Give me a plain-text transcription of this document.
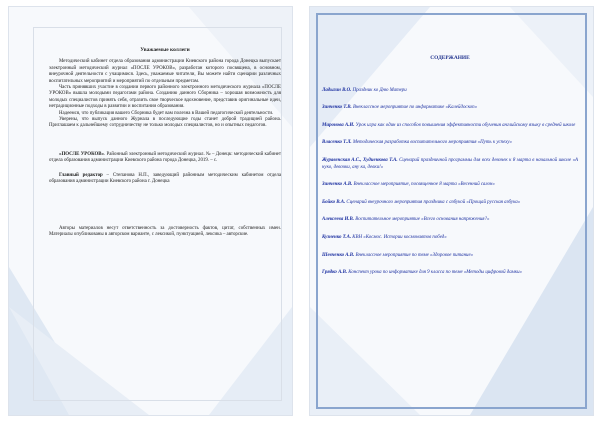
Уважаемые коллеги

Методический кабинет отдела образования администрации Киевского района города Донецка выпускает электронный методический журнал «ПОСЛЕ УРОКОВ», разработан которого посвящена, в основном, внеурочной деятельности с учащимися. Здесь, уважаемые читатели, Вы можете найти сценарии различных воспитательных мероприятий и мероприятий по отдельным предметам.

Часть принявших участие в создании первого районного электронного методического журнала «ПОСЛЕ УРОКОВ» вышла молодыми педагогами района. Созданию данного Сборника – хорошая возможность для молодых специалистов принять себя, отразить свое творческое вдохновение, представив оригинальные идеи, нетрадиционные подходы в развитии и воспитании образования.

Надеемся, что публикация вашего Сборника будет вам полезна в Вашей педагогической деятельности.

Уверены, что выпуск данного Журнала в последующие годы станет доброй традицией района. Приглашаем к дальнейшему сотрудничеству не только молодых специалистов, но и опытных педагогов.

«ПОСЛЕ УРОКОВ». Районный электронный методический журнал. № – Донецк: методический кабинет отдела образования администрации Киевского района города Донецка, 2019. – с.

Главный редактор – Степанова Н.П., заведующий районным методическим кабинетом отдела образования администрации Киевского района г. Донецка

Авторы материалов несут ответственность за достоверность фактов, цитат, собственных имен. Материалы опубликованы в авторском варианте, с лексикой, пунктуацией, лексика – авторские.

СОДЕРЖАНИЕ
Ладыгин В.О. Праздник ко Дню Матери
Зинченко Т.В. Внеклассное мероприятие по информатике «Калейдоскоп»
Миронова А.И. Урок игра как один из способов повышения эффективности обучения английскому языку в средней школе
Власенко Т.Л. Методическая разработка воспитательного мероприятия «Путь к успеху»
Журавенская А.С., Худиенкова Т.А. Сценарий праздничной программы для всех девочек к 8 марта в начальной школе «А нуко, девочки, ану ка, девки!»
Зинченко А.В. Внеклассное мероприятие, посвященное 8 марта «Весенний салон»
Бойко В.А. Сценарий внеурочного мероприятия праздника с азбукой «Прощай русская азбука»
Алексеева И.В. Воспитательное мероприятие «Всего основания напряжения?»
Кузненко Т.А. КВН «Космос. Истории космонавтов побед»
Шевченко А.В. Внеклассное мероприятие по теме «Здоровое питание»
Грядко А.В. Конспект урока по информатике для 9 класса по теме «Методы цифровой дамки»
